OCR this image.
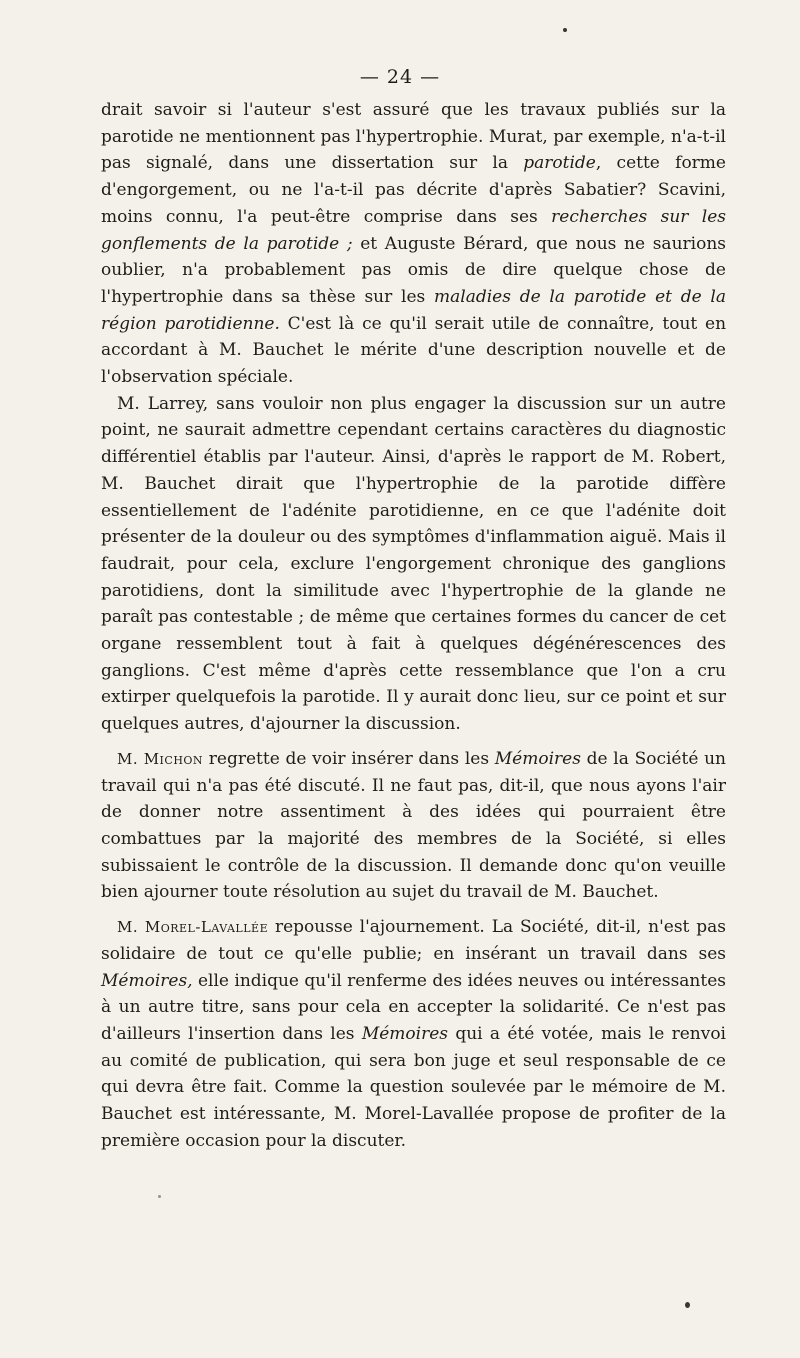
— 24 —

drait savoir si l'auteur s'est assuré que les travaux publiés sur la parotide ne mentionnent pas l'hypertrophie. Murat, par exemple, n'a-t-il pas signalé, dans une dissertation sur la parotide, cette forme d'engorgement, ou ne l'a-t-il pas décrite d'après Sabatier? Scavini, moins connu, l'a peut-être comprise dans ses recherches sur les gonflements de la parotide ; et Auguste Bérard, que nous ne saurions oublier, n'a probablement pas omis de dire quelque chose de l'hypertrophie dans sa thèse sur les maladies de la parotide et de la région parotidienne. C'est là ce qu'il serait utile de connaître, tout en accordant à M. Bauchet le mérite d'une description nouvelle et de l'observation spéciale.

M. Larrey, sans vouloir non plus engager la discussion sur un autre point, ne saurait admettre cependant certains caractères du diagnostic différentiel établis par l'auteur. Ainsi, d'après le rapport de M. Robert, M. Bauchet dirait que l'hypertrophie de la parotide diffère essentiellement de l'adénite parotidienne, en ce que l'adénite doit présenter de la douleur ou des symptômes d'inflammation aiguë. Mais il faudrait, pour cela, exclure l'engorgement chronique des ganglions parotidiens, dont la similitude avec l'hypertrophie de la glande ne paraît pas contestable ; de même que certaines formes du cancer de cet organe ressemblent tout à fait à quelques dégénérescences des ganglions. C'est même d'après cette ressemblance que l'on a cru extirper quelquefois la parotide. Il y aurait donc lieu, sur ce point et sur quelques autres, d'ajourner la discussion.

M. Michon regrette de voir insérer dans les Mémoires de la Société un travail qui n'a pas été discuté. Il ne faut pas, dit-il, que nous ayons l'air de donner notre assentiment à des idées qui pourraient être combattues par la majorité des membres de la Société, si elles subissaient le contrôle de la discussion. Il demande donc qu'on veuille bien ajourner toute résolution au sujet du travail de M. Bauchet.

M. Morel-Lavallée repousse l'ajournement. La Société, dit-il, n'est pas solidaire de tout ce qu'elle publie; en insérant un travail dans ses Mémoires, elle indique qu'il renferme des idées neuves ou intéressantes à un autre titre, sans pour cela en accepter la solidarité. Ce n'est pas d'ailleurs l'insertion dans les Mémoires qui a été votée, mais le renvoi au comité de publication, qui sera bon juge et seul responsable de ce qui devra être fait. Comme la question soulevée par le mémoire de M. Bauchet est intéressante, M. Morel-Lavallée propose de profiter de la première occasion pour la discuter.
